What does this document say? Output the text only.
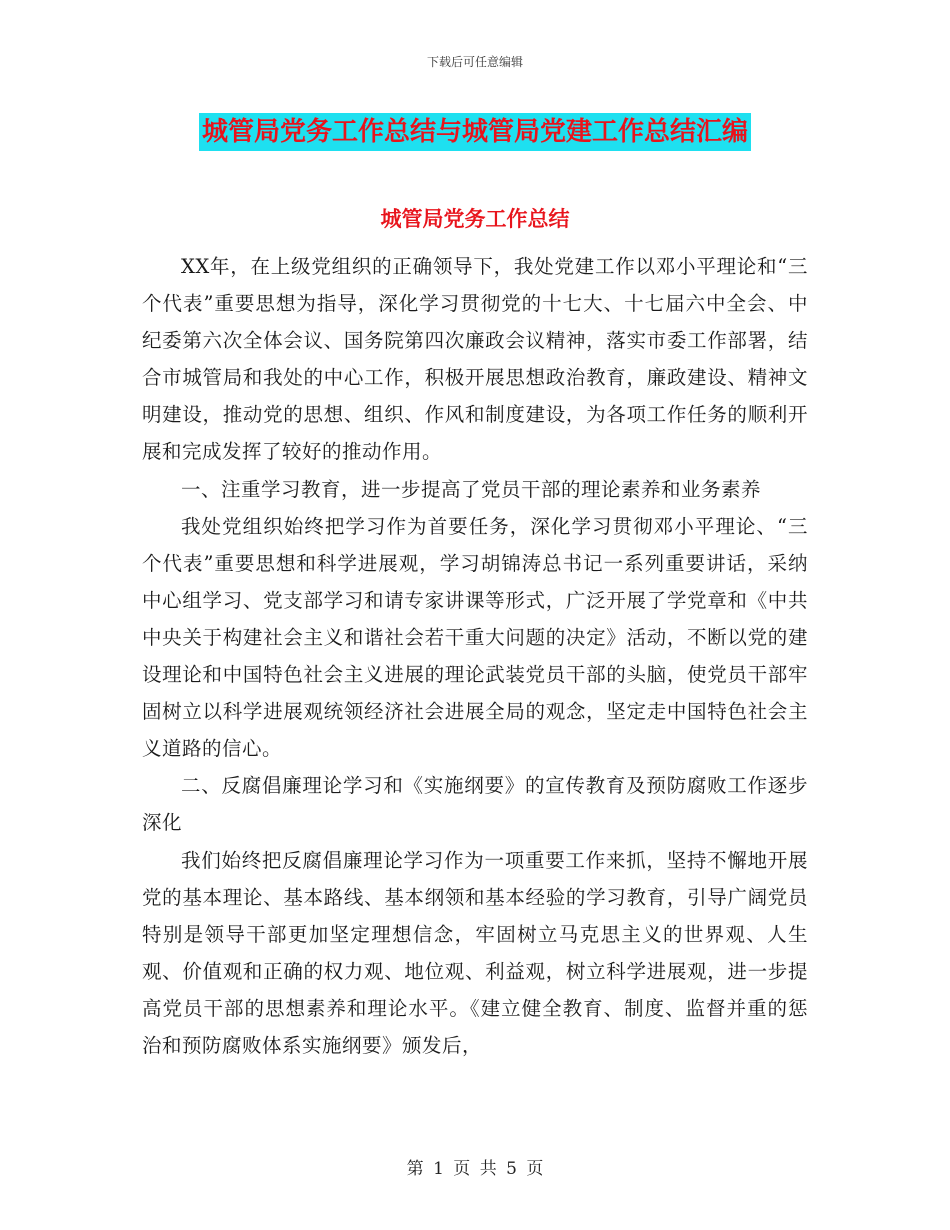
下载后可任意编辑
城管局党务工作总结与城管局党建工作总结汇编
城管局党务工作总结

XX年，在上级党组织的正确领导下，我处党建工作以邓小平理论和“三个代表”重要思想为指导，深化学习贯彻党的十七大、十七届六中全会、中纪委第六次全体会议、国务院第四次廉政会议精神，落实市委工作部署，结合市城管局和我处的中心工作，积极开展思想政治教育，廉政建设、精神文明建设，推动党的思想、组织、作风和制度建设，为各项工作任务的顺利开展和完成发挥了较好的推动作用。

一、注重学习教育，进一步提高了党员干部的理论素养和业务素养

我处党组织始终把学习作为首要任务，深化学习贯彻邓小平理论、“三个代表”重要思想和科学进展观，学习胡锦涛总书记一系列重要讲话，采纳中心组学习、党支部学习和请专家讲课等形式，广泛开展了学党章和《中共中央关于构建社会主义和谐社会若干重大问题的决定》活动，不断以党的建设理论和中国特色社会主义进展的理论武装党员干部的头脑，使党员干部牢固树立以科学进展观统领经济社会进展全局的观念，坚定走中国特色社会主义道路的信心。

二、反腐倡廉理论学习和《实施纲要》的宣传教育及预防腐败工作逐步深化

我们始终把反腐倡廉理论学习作为一项重要工作来抓，坚持不懈地开展党的基本理论、基本路线、基本纲领和基本经验的学习教育，引导广阔党员特别是领导干部更加坚定理想信念，牢固树立马克思主义的世界观、人生观、价值观和正确的权力观、地位观、利益观，树立科学进展观，进一步提高党员干部的思想素养和理论水平。《建立健全教育、制度、监督并重的惩治和预防腐败体系实施纲要》颁发后，

第 1 页 共 5 页
